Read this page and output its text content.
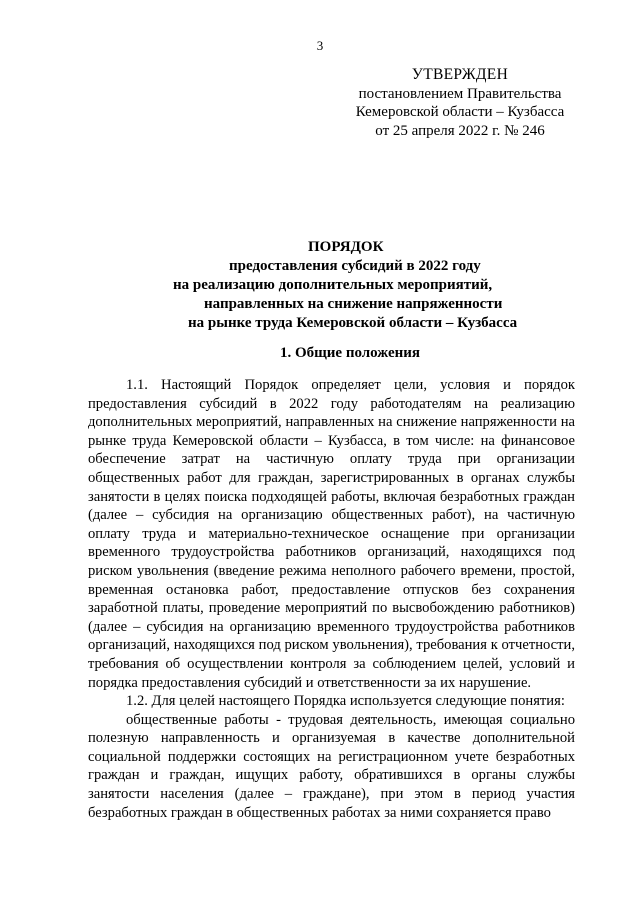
3
УТВЕРЖДЕН
постановлением Правительства
Кемеровской области – Кузбасса
от 25 апреля 2022 г. № 246
ПОРЯДОК
предоставления субсидий в 2022 году
на реализацию дополнительных мероприятий,
направленных на снижение напряженности
на рынке труда Кемеровской области – Кузбасса
1. Общие положения

1.1. Настоящий Порядок определяет цели, условия и порядок предоставления субсидий в 2022 году работодателям на реализацию дополнительных мероприятий, направленных на снижение напряженности на рынке труда Кемеровской области – Кузбасса, в том числе: на финансовое обеспечение затрат на частичную оплату труда при организации общественных работ для граждан, зарегистрированных в органах службы занятости в целях поиска подходящей работы, включая безработных граждан (далее – субсидия на организацию общественных работ), на частичную оплату труда и материально-техническое оснащение при организации временного трудоустройства работников организаций, находящихся под риском увольнения (введение режима неполного рабочего времени, простой, временная остановка работ, предоставление отпусков без сохранения заработной платы, проведение мероприятий по высвобождению работников) (далее – субсидия на организацию временного трудоустройства работников организаций, находящихся под риском увольнения), требования к отчетности, требования об осуществлении контроля за соблюдением целей, условий и порядка предоставления субсидий и ответственности за их нарушение.

1.2. Для целей настоящего Порядка используется следующие понятия:

общественные работы - трудовая деятельность, имеющая социально полезную направленность и организуемая в качестве дополнительной социальной поддержки состоящих на регистрационном учете безработных граждан и граждан, ищущих работу, обратившихся в органы службы занятости населения (далее – граждане), при этом в период участия безработных граждан в общественных работах за ними сохраняется право
